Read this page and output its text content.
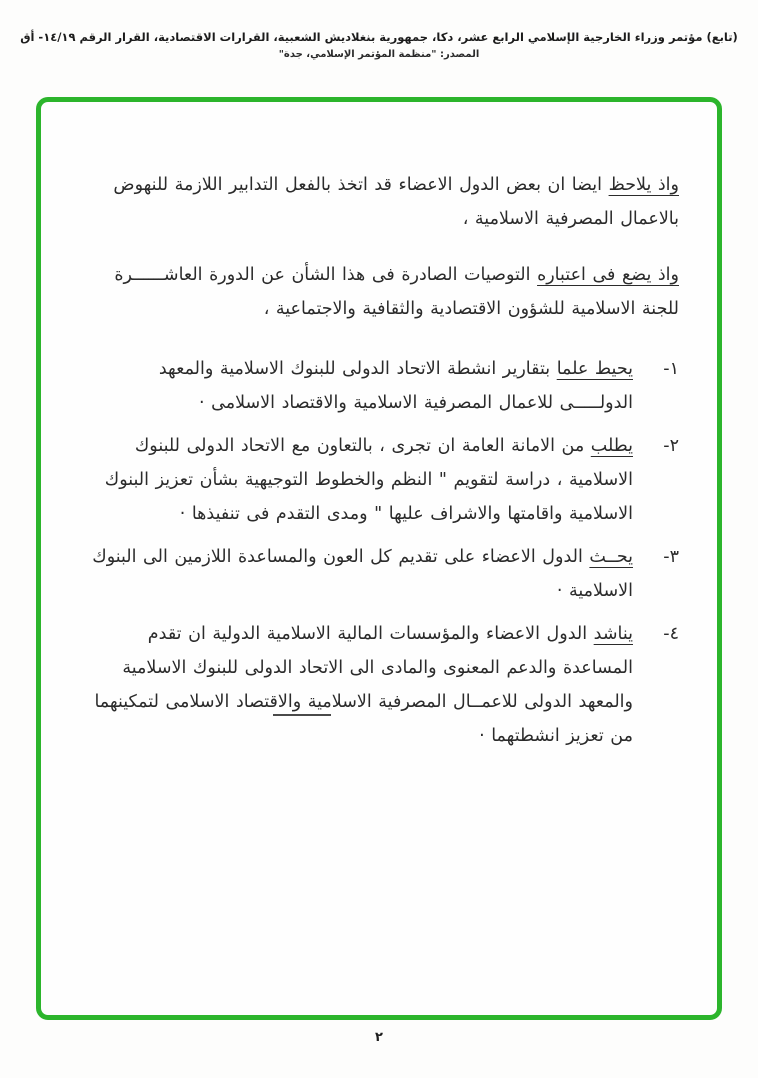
(تابع) مؤتمر وزراء الخارجية الإسلامي الرابع عشر، دكا، جمهورية بنغلاديش الشعبية، القرارات الاقتصادية، القرار الرقم ١٤/١٩- أق
المصدر: "منظمة المؤتمر الإسلامي، جدة"

واذ يلاحظ ايضا ان بعض الدول الاعضاء قد اتخذ بالفعل التدابير اللازمة للنهوض بالاعمال المصرفية الاسلامية ،

واذ يضع فى اعتباره التوصيات الصادرة فى هذا الشأن عن الدورة العاشــــــرة للجنة الاسلامية للشؤون الاقتصادية والثقافية والاجتماعية ،

١-
يحيط علما بتقارير انشطة الاتحاد الدولى للبنوك الاسلامية والمعهد الدولـــــى للاعمال المصرفية الاسلامية والاقتصاد الاسلامى ·
٢-
يطلب من الامانة العامة ان تجرى ، بالتعاون مع الاتحاد الدولى للبنوك الاسلامية ، دراسة لتقويم " النظم والخطوط التوجيهية بشأن تعزيز البنوك الاسلامية واقامتها والاشراف عليها " ومدى التقدم فى تنفيذها ·
٣-
يحــث الدول الاعضاء على تقديم كل العون والمساعدة اللازمين الى البنوك الاسلامية ·
٤-
يناشد الدول الاعضاء والمؤسسات المالية الاسلامية الدولية ان تقدم المساعدة والدعم المعنوى والمادى الى الاتحاد الدولى للبنوك الاسلامية والمعهد الدولى للاعمــال المصرفية الاسلامية والاقتصاد الاسلامى لتمكينهما من تعزيز انشطتهما ·
٢
